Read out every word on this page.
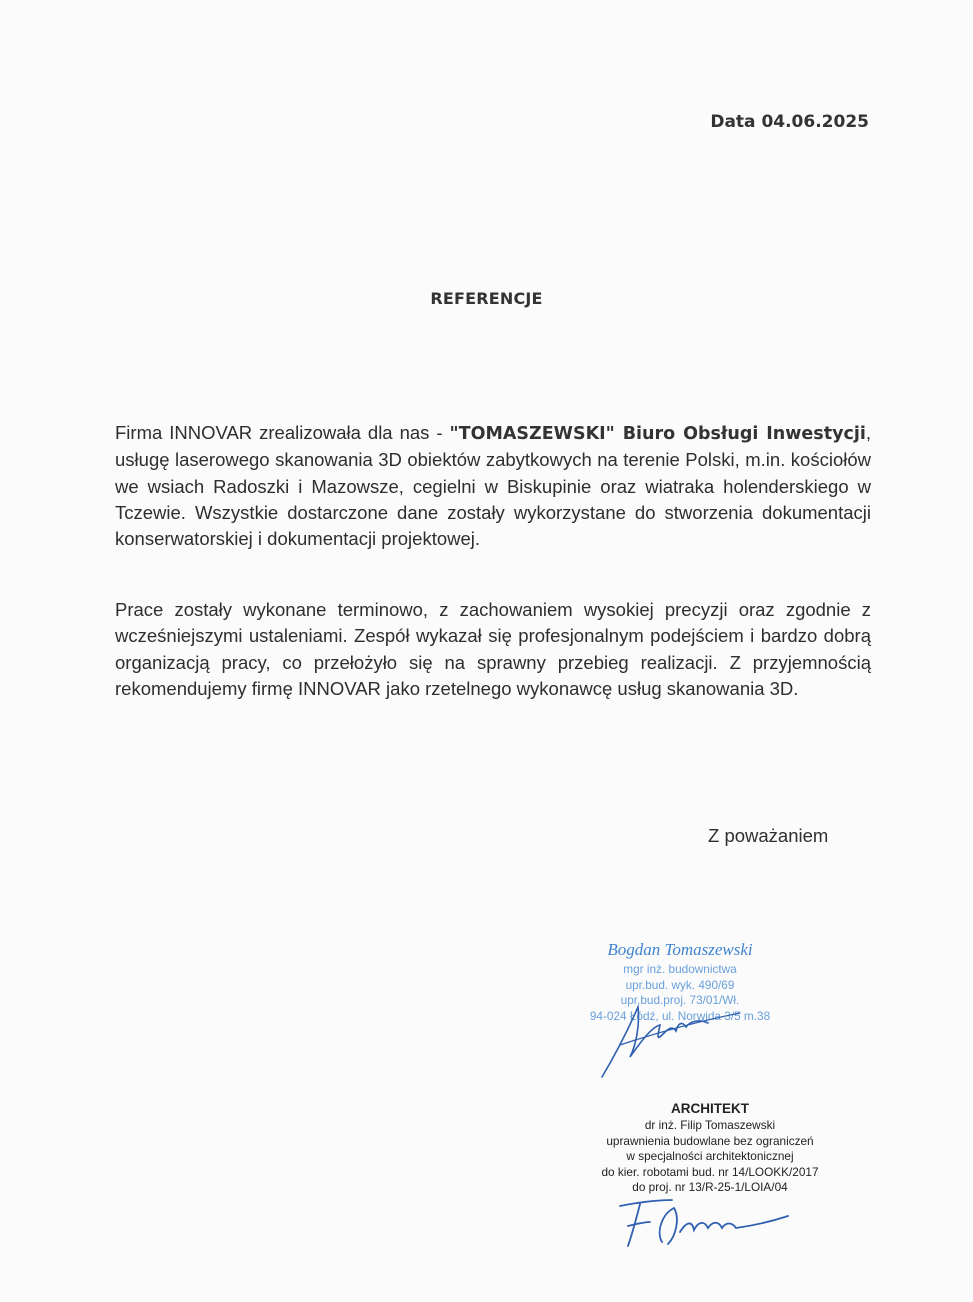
Data 04.06.2025
REFERENCJE
Firma INNOVAR zrealizowała dla nas - "TOMASZEWSKI" Biuro Obsługi Inwestycji, usługę laserowego skanowania 3D obiektów zabytkowych na terenie Polski, m.in. kościołów we wsiach Radoszki i Mazowsze, cegielni w Biskupinie oraz wiatraka holenderskiego w Tczewie. Wszystkie dostarczone dane zostały wykorzystane do stworzenia dokumentacji konserwatorskiej i dokumentacji projektowej.
Prace zostały wykonane terminowo, z zachowaniem wysokiej precyzji oraz zgodnie z wcześniejszymi ustaleniami. Zespół wykazał się profesjonalnym podejściem i bardzo dobrą organizacją pracy, co przełożyło się na sprawny przebieg realizacji. Z przyjemnością rekomendujemy firmę INNOVAR jako rzetelnego wykonawcę usług skanowania 3D.
Z poważaniem
Bogdan Tomaszewski
mgr inż. budownictwa
upr.bud. wyk. 490/69
upr.bud.proj. 73/01/Wł.
94-024 Łódź, ul. Norwida 3/5 m.38
ARCHITEKT
dr inż. Filip Tomaszewski
uprawnienia budowlane bez ograniczeń
w specjalności architektonicznej
do kier. robotami bud. nr 14/LOOKK/2017
do proj. nr 13/R-25-1/LOIA/04
